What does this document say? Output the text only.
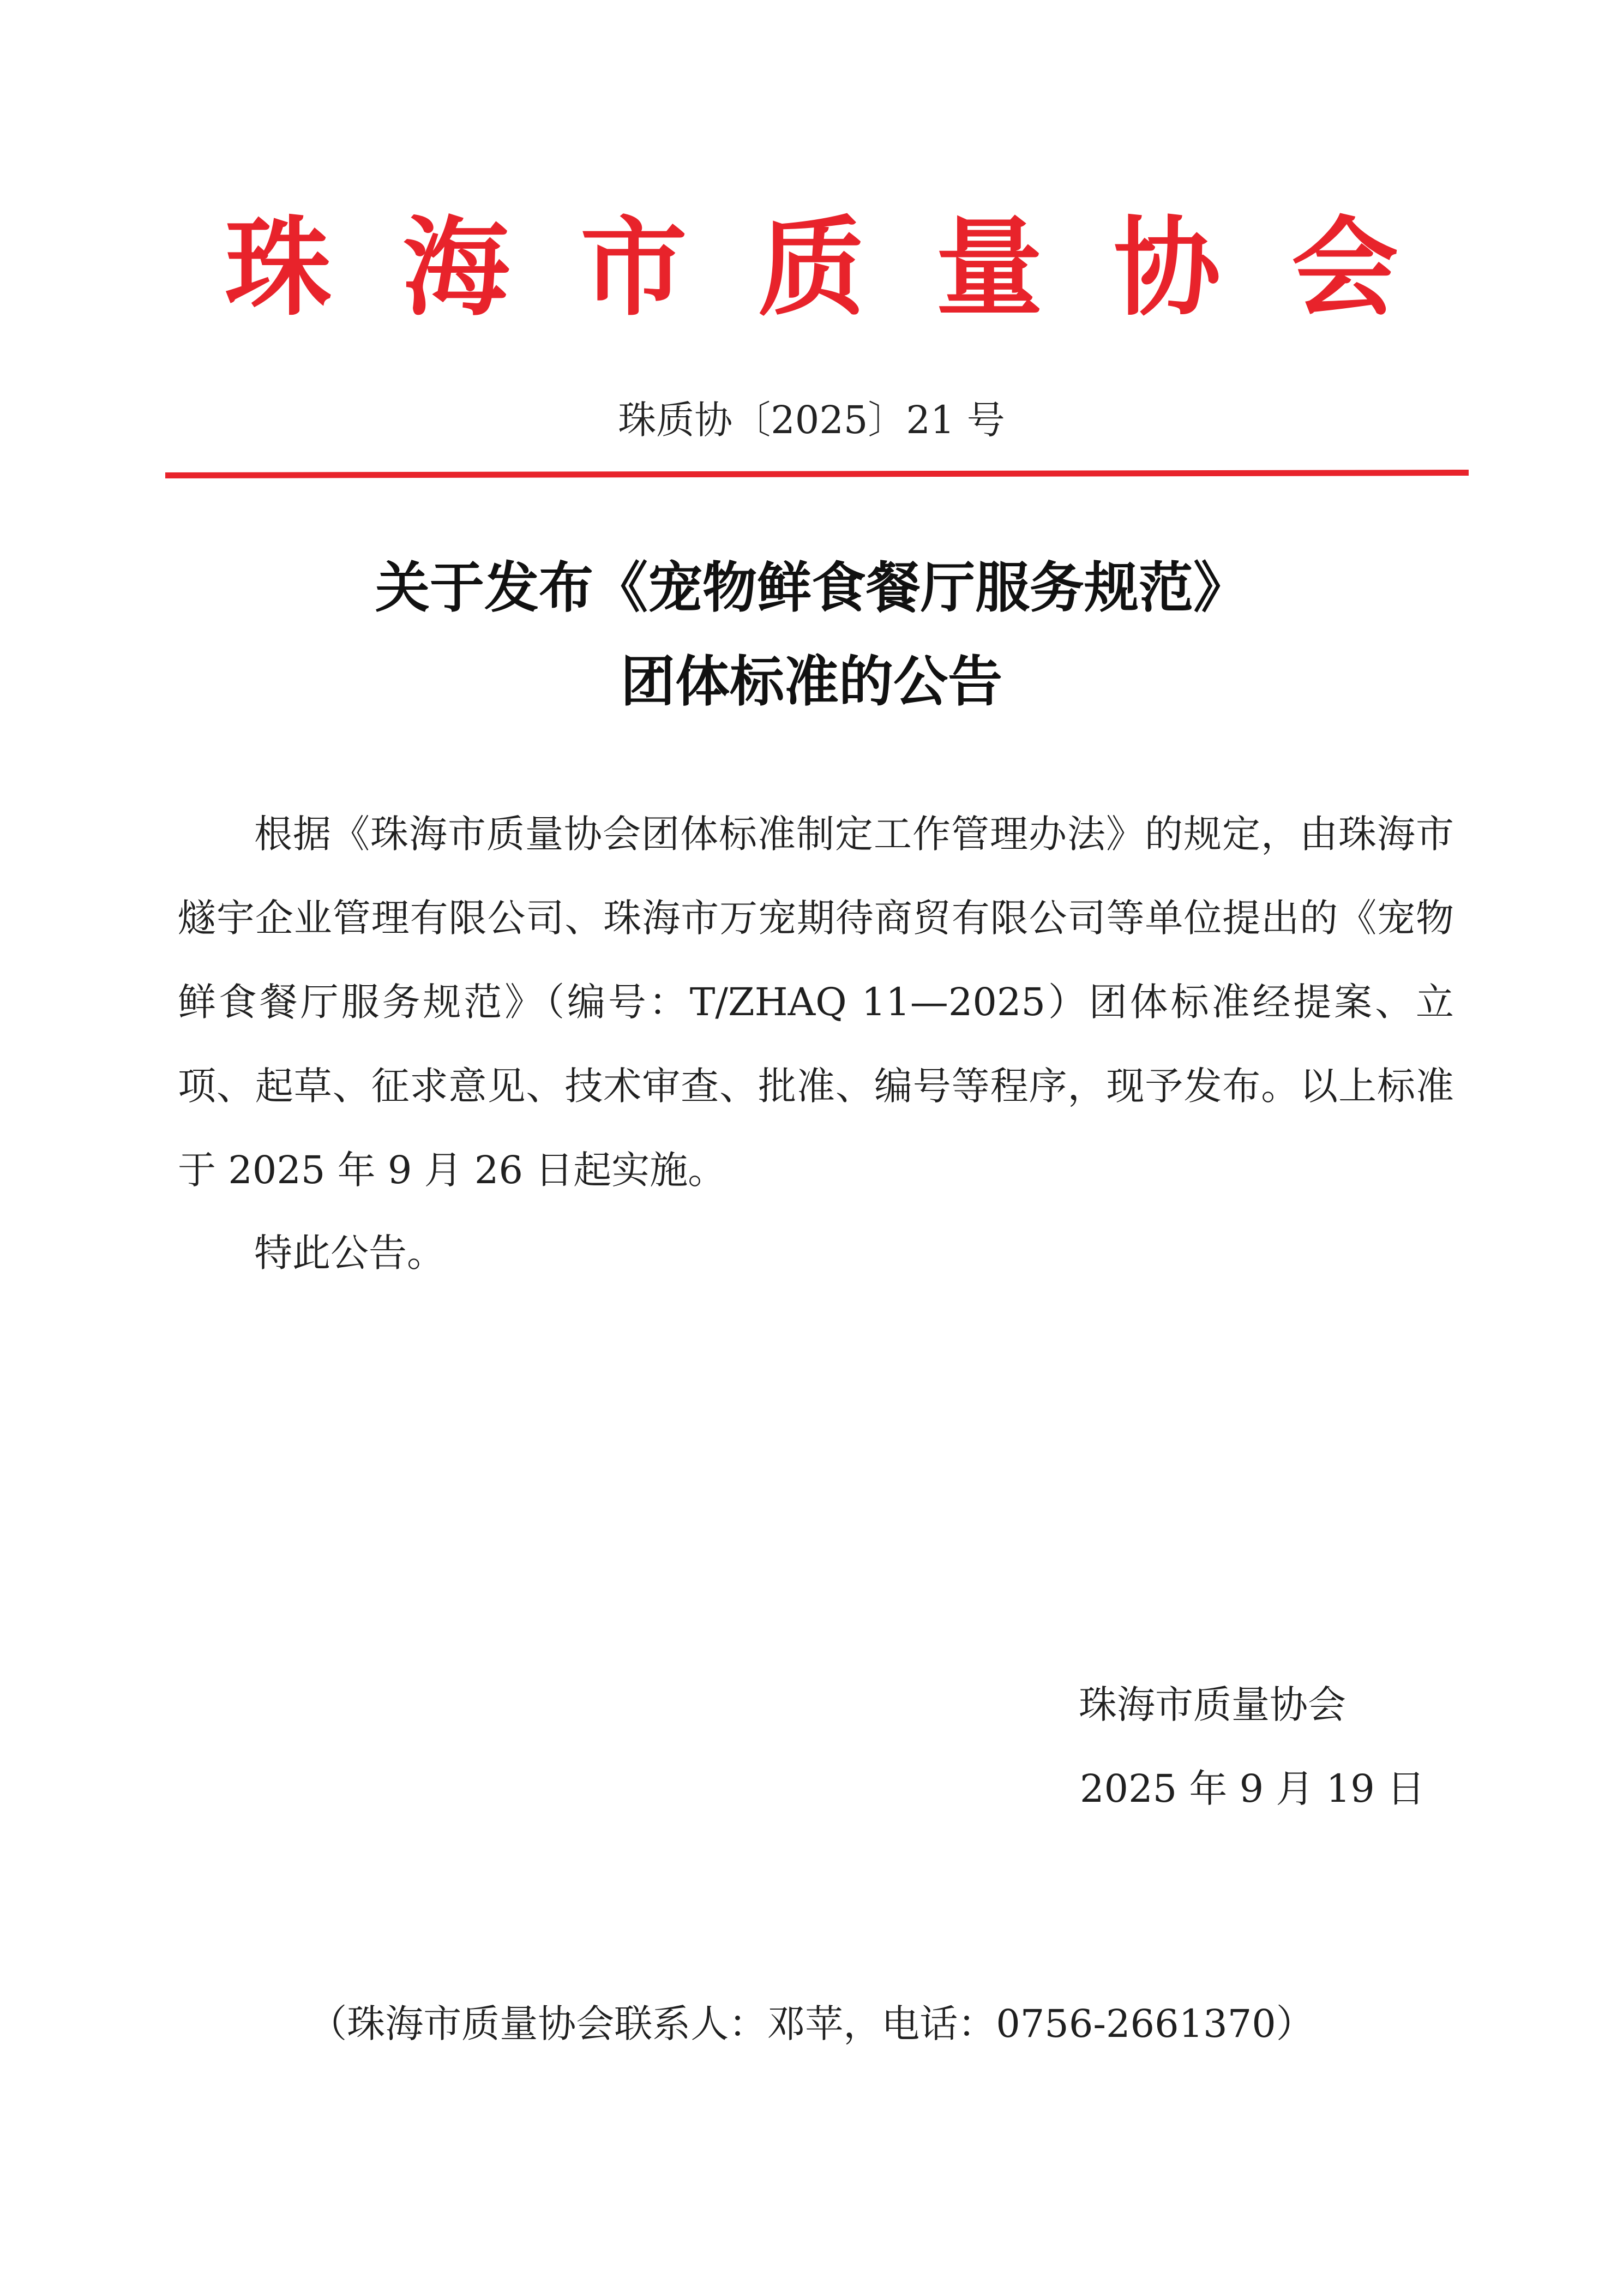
珠海市质量协会
珠质协〔2025〕21 号
关于发布《宠物鲜食餐厅服务规范》
团体标准的公告
根据《珠海市质量协会团体标准制定工作管理办法》的规定，由珠海市燧宇企业管理有限公司、珠海市万宠期待商贸有限公司等单位提出的《宠物鲜食餐厅服务规范》（编号：T/ZHAQ 11—2025）团体标准经提案、立项、起草、征求意见、技术审查、批准、编号等程序，现予发布。以上标准于 2025 年 9 月 26 日起实施。
特此公告。
珠海市质量协会
2025 年 9 月 19 日
（珠海市质量协会联系人：邓苹，电话：0756-2661370）
